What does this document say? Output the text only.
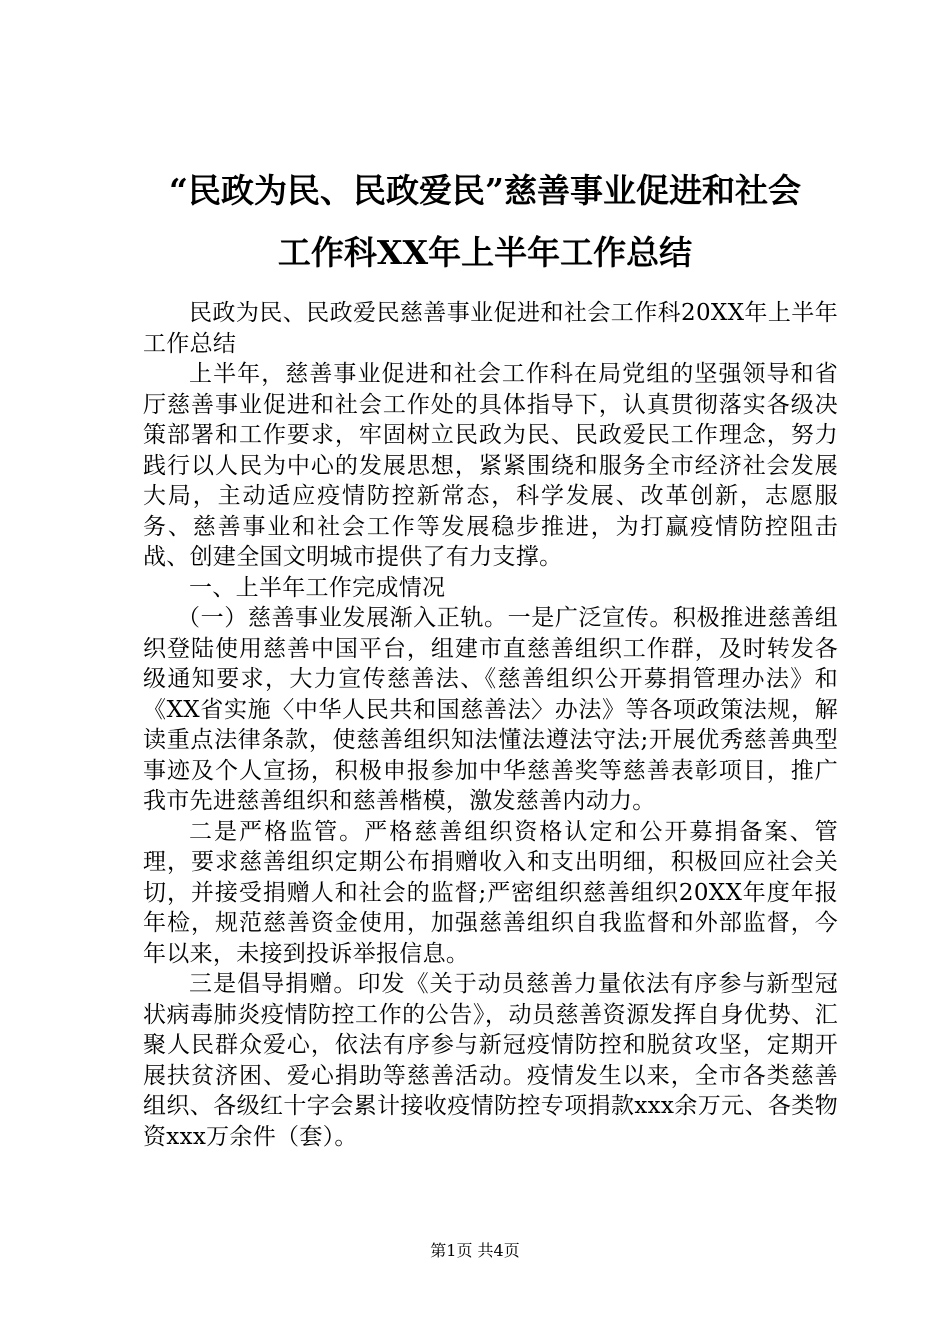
“民政为民、民政爱民”慈善事业促进和社会
工作科XX年上半年工作总结

民政为民、民政爱民慈善事业促进和社会工作科20XX年上半年工作总结

上半年，慈善事业促进和社会工作科在局党组的坚强领导和省厅慈善事业促进和社会工作处的具体指导下，认真贯彻落实各级决策部署和工作要求，牢固树立民政为民、民政爱民工作理念，努力践行以人民为中心的发展思想，紧紧围绕和服务全市经济社会发展大局，主动适应疫情防控新常态，科学发展、改革创新，志愿服务、慈善事业和社会工作等发展稳步推进，为打赢疫情防控阻击战、创建全国文明城市提供了有力支撑。

一、上半年工作完成情况

（一）慈善事业发展渐入正轨。一是广泛宣传。积极推进慈善组织登陆使用慈善中国平台，组建市直慈善组织工作群，及时转发各级通知要求，大力宣传慈善法、《慈善组织公开募捐管理办法》和《XX省实施〈中华人民共和国慈善法〉办法》等各项政策法规，解读重点法律条款，使慈善组织知法懂法遵法守法;开展优秀慈善典型事迹及个人宣扬，积极申报参加中华慈善奖等慈善表彰项目，推广我市先进慈善组织和慈善楷模，激发慈善内动力。

二是严格监管。严格慈善组织资格认定和公开募捐备案、管理，要求慈善组织定期公布捐赠收入和支出明细，积极回应社会关切，并接受捐赠人和社会的监督;严密组织慈善组织20XX年度年报年检，规范慈善资金使用，加强慈善组织自我监督和外部监督，今年以来，未接到投诉举报信息。

三是倡导捐赠。印发《关于动员慈善力量依法有序参与新型冠状病毒肺炎疫情防控工作的公告》，动员慈善资源发挥自身优势、汇聚人民群众爱心，依法有序参与新冠疫情防控和脱贫攻坚，定期开展扶贫济困、爱心捐助等慈善活动。疫情发生以来，全市各类慈善组织、各级红十字会累计接收疫情防控专项捐款xxx余万元、各类物资xxx万余件（套）。

第1页 共4页
